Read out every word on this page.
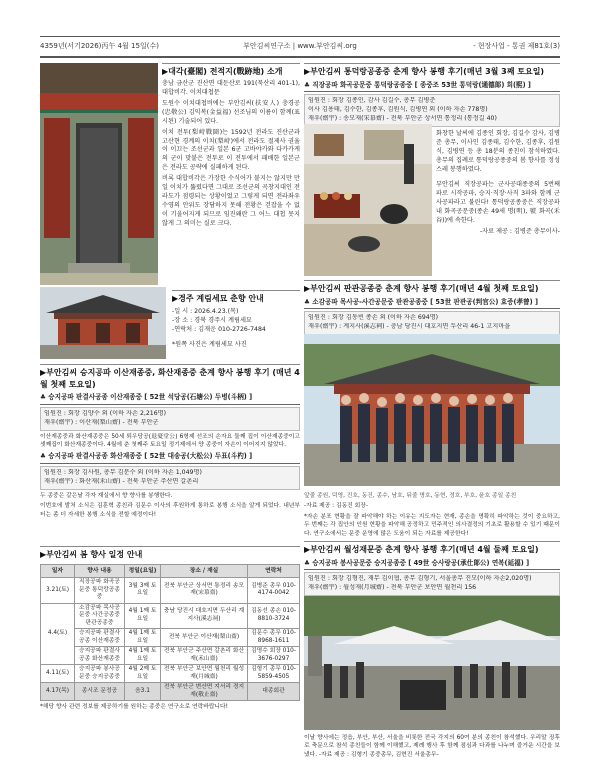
4359년(서기2026)丙午 4월 15일(수)	부안김씨연구소 | www.부안김씨.org	- 현장사업 - 통권 제81호(3)
▶대각(臺閣) 전적지(戰跡地) 소개

충남 금산군 진산면 대둔산로 191(묵산리 401-1), 대합비각. 이치대첩문

도원수 이치대첩비에는 부안김씨(扶安人) 충경공(忠敬公) 김익복(金益福) 선조님의 이름이 함께(표시된) 기술되어 있다.

이치 전투(梨峙戰鬪)는 1592년 전라도 진산군과 고산현 경계의 이치(梨峙)에서 전라도 절제사 권율이 이끄는 조선군과 일본 6군 고바야카와 다카카게의 군이 맞붙은 전투로 이 전투에서 패배한 일본군은 전라도 공략에 실패하게 된다.

비록 대합비각은 가장한 수식어가 붙지는 않지만 만일 이치가 뚫렸다면 그대로 조선군의 곡창지대인 전라도가 점령되는 상황이었고 그렇게 되면 전라좌우수영의 안위도 장담하지 못해 전황은 걷잡을 수 없이 기울어지게 되므로 임진왜란 그 어느 대첩 못지 않게 그 의미는 실로 크다.

▶경주 계림세묘 춘향 안내
-일 시 : 2026.4.23.(목)
-장 소 : 경북 경주시 계림세묘
-연락처 : 김재운 010-2726-7484
*원쪽 사진은 계림세묘 사진
▶부안김씨 승지공파 이산재종중, 화산재종중 춘계 향사 봉행 후기 (매년 4월 첫째 토요일)
♣ 승지공파 판결사공종 이산재종중 [ 52世 석당공(石塘公) 두병(斗柄) ]
임원진 : 회장 김양수 외 (이하 자손 2,216명)
재우(齋宇) : 이산재(梨山齋) - 전북 부안군

이산재종중과 화산재종중은 50세 퇴우당공(退憂堂公) 6형제 선조의 손자요 둘째 집이 이산재종중이고 셋째집이 화산재종중이다. 4월에 춘 첫째주 토요일 정기제에서 양 종중이 자손이 이어지지 않았다.

♣ 승지공파 판결사공종 화산재종중 [ 52世 대송공(大松公) 두표(斗杓) ]
임원진 : 회장 김사원, 총무 김문수 외 (이하 자손 1,049명)
재우(齋宇) : 화산재(禾山齋) - 전북 부안군 주산면 갈촌리

두 종중은 같은날 각자 재실에서 향 향사를 봉행한다.

이번호에 발처 소식은 김훈혁 종친과 김문수 이사의 후원하게 통하로 봉행 소식을 알게 되었다. 내년부터는 좀 더 자세한 봉행 소식을 전할 예정이다!

▶부안김씨 봄 향사 일정 안내
일자	향사 내용	정일(요일)	장소 / 재실	연락처
3.21(토)	직장공파 화곡공문중 통덕랑공종중	3월 3째 토요일	전북 부안군 상서면 통정리 송모재(宋慕齋)	김병준 총무 010-4174-0042
4.4(토)	소감공파 목사공문중 사간공종중 판관공종중	4월 1째 토요일	충남 당진시 대호지면 두산리 계지사(溪志祠)	김동선 종손 010-8810-3724
	승지공파 판결사공종 이산재종중	4월 1째 토요일	전북 부안군 이산재(梨山齋)	김문수 총무 010-8968-1611
	승지공파 판결사공종 화산재종중	4월 1째 토요일	전북 부안군 주산면 갈촌리 화산재(禾山齋)	김명수 회장 010-3676-0297
4.11(토)	승지공파 봉사공문중 승지공종중	4월 2째 토요일	전북 부안군 보안면 월천리 월성재(月城齋)	김형기 총무 010-5859-4505
4.17(목)	종시조 문정공	음3.1	전북 부안군 변산면 지서리 경지재(敬止齋)	대종회관
*해당 향사 관련 정보를 제공하기를 원하는 종중은 연구소로 연락바랍니다!
▶부안김씨 통덕랑공종중 춘계 향사 봉행 후기(매년 3월 3째 토요일)
♣ 직장공파 화곡공문중 통덕랑공종중 [ 종중조 53世 통덕랑(通德郞) 희(熙) ]
임원진 : 회장 김종인, 감사 김길수, 총무 김병준
이사 김용태, 김수한, 김종후, 김원식, 김병연 외 (이하 자손 778명)
재우(齋宇) : 송모재(宋慕齋) - 전북 부안군 상서면 통정리 (통정길 40)

화창한 날씨에 김종인 회장, 김길수 감사, 김병준 총무, 이사인 김종태, 김수한, 김종후, 김원식, 김병연 등 총 18분의 종친이 참석하였다. 총무의 집례로 통덕랑공종중의 봄 향사를 정성스레 봉행하였다.

부안김씨 직장공파는 군사공대종중의 5번째 파로 시작공파, 승지·직장·사직 3파와 함께 군사공파라고 불린다! 통덕랑공종중은 직장공파내 화곡공문중(종손 49세 명(明), 號 화곡(禾谷))에 속한다.

-자료 제공 : 김병준 총무이사-
▶부안김씨 판관공종중 춘계 향사 봉행 후기(매년 4월 첫째 토요일)
♣ 소감공파 목사공-사간공문중 판관공종중 [ 53世 판관공(判官公) 효증(孝曾) ]
임원진 : 회장 김동빈 종손 외 (이하 자손 694명)
재우(齋宇) : 계지사(溪志祠) - 충남 당진시 대호지면 두산리 46-1 고지마을

앞줄 종원, 덕영, 진호, 동진, 종수, 남호, 뒤줄 명호, 동현, 정호, 부호, 윤호 종일 종친

-자료 제공 : 김동진 회장-

*자손 분포 현황을 잘 파악해야 하는 이유는 지도자는 현재, 종손을 명확히 파악하는 것이 중요하고, 두 번째는 각 집안의 인원 현황을 파악해 공정하고 민주적인 의사결정의 기초로 활용할 수 있기 때문이다. 연구소에서는 문중 운영에 많은 도움이 되는 자료를 제공한다!

▶부안김씨 월성재문중 춘계 향사 봉행 후기(매년 4월 둘째 토요일)
♣ 승지공파 봉사공문중 승지공종중 [ 49世 승사랑공(承仕郞公) 연복(延福) ]
임원진 : 회장 김형진, 재무 김이협, 총무 김형기, 서울총무 진모(이하 자손2,020명)
재우(齋宇) : 월성재(月城齋) - 전북 부안군 보안면 월천리 156

이날 향사에는 정읍, 부안, 부산, 서울을 비롯한 전국 각지의 60여 분의 종친이 참석했다. 우리말 징후로 축문으로 참석 종친들이 함께 이해했고, 제례 행사 후 함께 점심과 다과를 나누며 즐거운 시간을 보냈다. -자료 제공 : 김형기 종중총무, 김현진 서울총무-
